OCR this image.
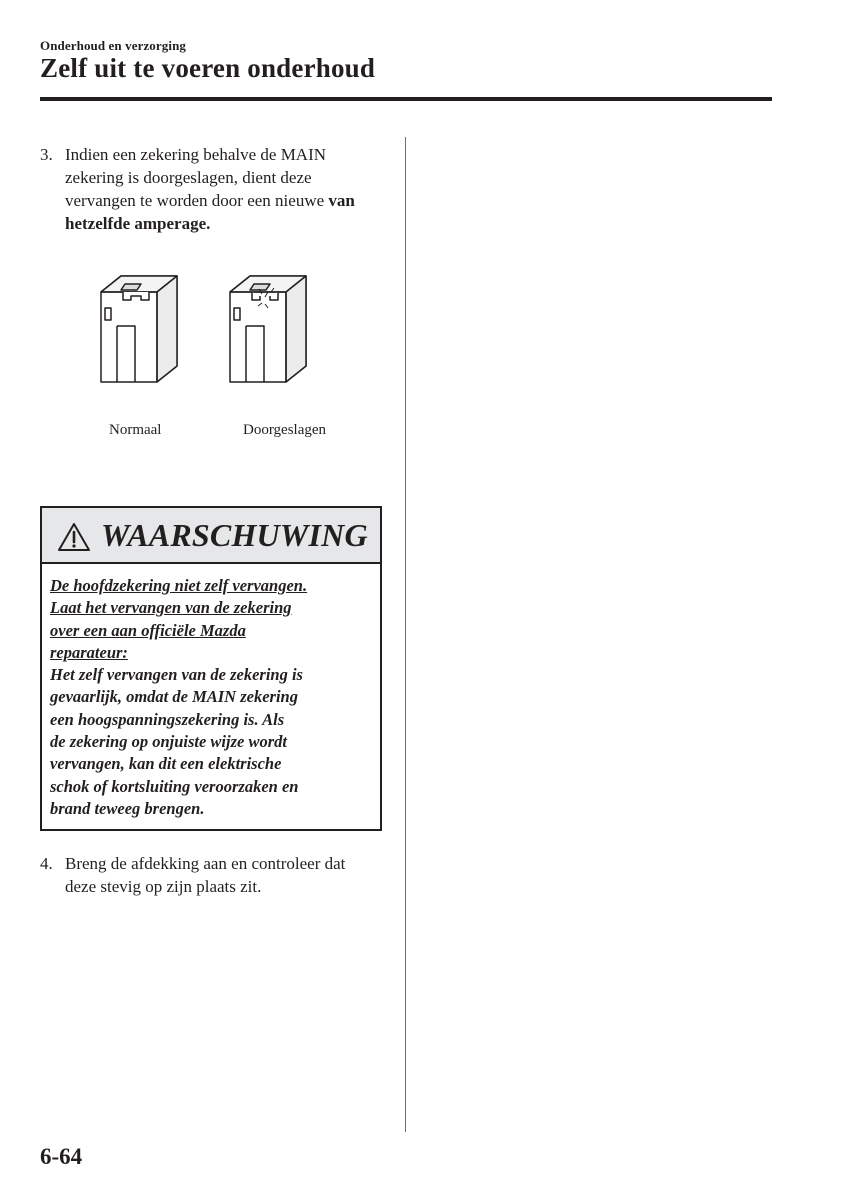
Onderhoud en verzorging
Zelf uit te voeren onderhoud
3. Indien een zekering behalve de MAIN zekering is doorgeslagen, dient deze vervangen te worden door een nieuwe van hetzelfde amperage.
Normaal	Doorgeslagen
WAARSCHUWING
De hoofdzekering niet zelf vervangen.
Laat het vervangen van de zekering
over een aan officiële Mazda
reparateur:
Het zelf vervangen van de zekering is
gevaarlijk, omdat de MAIN zekering
een hoogspanningszekering is. Als
de zekering op onjuiste wijze wordt
vervangen, kan dit een elektrische
schok of kortsluiting veroorzaken en
brand teweeg brengen.
4. Breng de afdekking aan en controleer dat deze stevig op zijn plaats zit.
6-64
